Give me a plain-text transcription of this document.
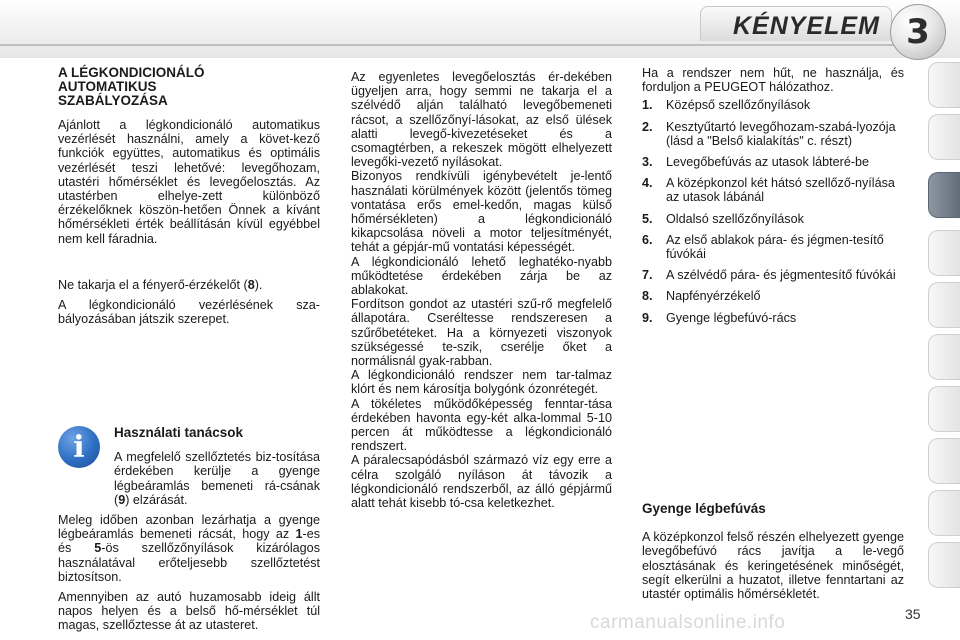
KÉNYELEM 3
A LÉGKONDICIONÁLÓ AUTOMATIKUS SZABÁLYOZÁSA

Ajánlott a légkondicionáló automatikus vezérlését használni, amely a követ-kező funkciók együttes, automatikus és optimális vezérlését teszi lehetővé: levegőhozam, utastéri hőmérséklet és levegőelosztás. Az utastérben elhelye-zett különböző érzékelőknek köszön-hetően Önnek a kívánt hőmérsékleti érték beállításán kívül egyébbel nem kell fáradnia.

Ne takarja el a fényerő-érzékelőt (8).

A légkondicionáló vezérlésének sza-bályozásában játszik szerepet.

i	Használati tanácsok

A megfelelő szellőztetés biz-tosítása érdekében kerülje a gyenge légbeáramlás bemeneti rá-csának (9) elzárását.

Meleg időben azonban lezárhatja a gyenge légbeáramlás bemeneti rácsát, hogy az 1-es és 5-ös szellőzőnyílások kizárólagos használatával erőteljesebb szellőztetést biztosítson.

Amennyiben az autó huzamosabb ideig állt napos helyen és a belső hő-mérséklet túl magas, szellőztesse át az utasteret.

Az egyenletes levegőelosztás ér-dekében ügyeljen arra, hogy semmi ne takarja el a szélvédő alján található levegőbemeneti rácsot, a szellőzőnyí-lásokat, az első ülések alatti levegő-kivezetéseket és a csomagtérben, a rekeszek mögött elhelyezett levegőki-vezető nyílásokat.

Bizonyos rendkívüli igénybevételt je-lentő használati körülmények között (jelentős tömeg vontatása erős emel-kedőn, magas külső hőmérsékleten) a légkondicionáló kikapcsolása növeli a motor teljesítményét, tehát a gépjár-mű vontatási képességét.

A légkondicionáló lehető leghatéko-nyabb működtetése érdekében zárja be az ablakokat.

Fordítson gondot az utastéri szű-rő megfelelő állapotára. Cseréltesse rendszeresen a szűrőbetéteket. Ha a környezeti viszonyok szükségessé te-szik, cserélje őket a normálisnál gyak-rabban.

A légkondicionáló rendszer nem tar-talmaz klórt és nem károsítja bolygónk ózonrétegét.

A tökéletes működőképesség fenntar-tása érdekében havonta egy-két alka-lommal 5-10 percen át működtesse a légkondicionáló rendszert.

A páralecsapódásból származó víz egy erre a célra szolgáló nyíláson át távozik a légkondicionáló rendszerből, az álló gépjármű alatt tehát kisebb tó-csa keletkezhet.

Ha a rendszer nem hűt, ne használja, és forduljon a PEUGEOT hálózathoz.

1. Középső szellőzőnyílások
2. Kesztyűtartó levegőhozam-szabá-lyozója (lásd a "Belső kialakítás" c. részt)
3. Levegőbefúvás az utasok lábteré-be
4. A középkonzol két hátsó szellőző-nyílása az utasok lábánál
5. Oldalsó szellőzőnyílások
6. Az első ablakok pára- és jégmen-tesítő fúvókái
7. A szélvédő pára- és jégmentesítő fúvókái
8. Napfényérzékelő
9. Gyenge légbefúvó-rács
Gyenge légbefúvás

A középkonzol felső részén elhelyezett gyenge levegőbefúvó rács javítja a le-vegő elosztásának és keringetésének minőségét, segít elkerülni a huzatot, illetve fenntartani az utastér optimális hőmérsékletét.

carmanualsonline.info	35
